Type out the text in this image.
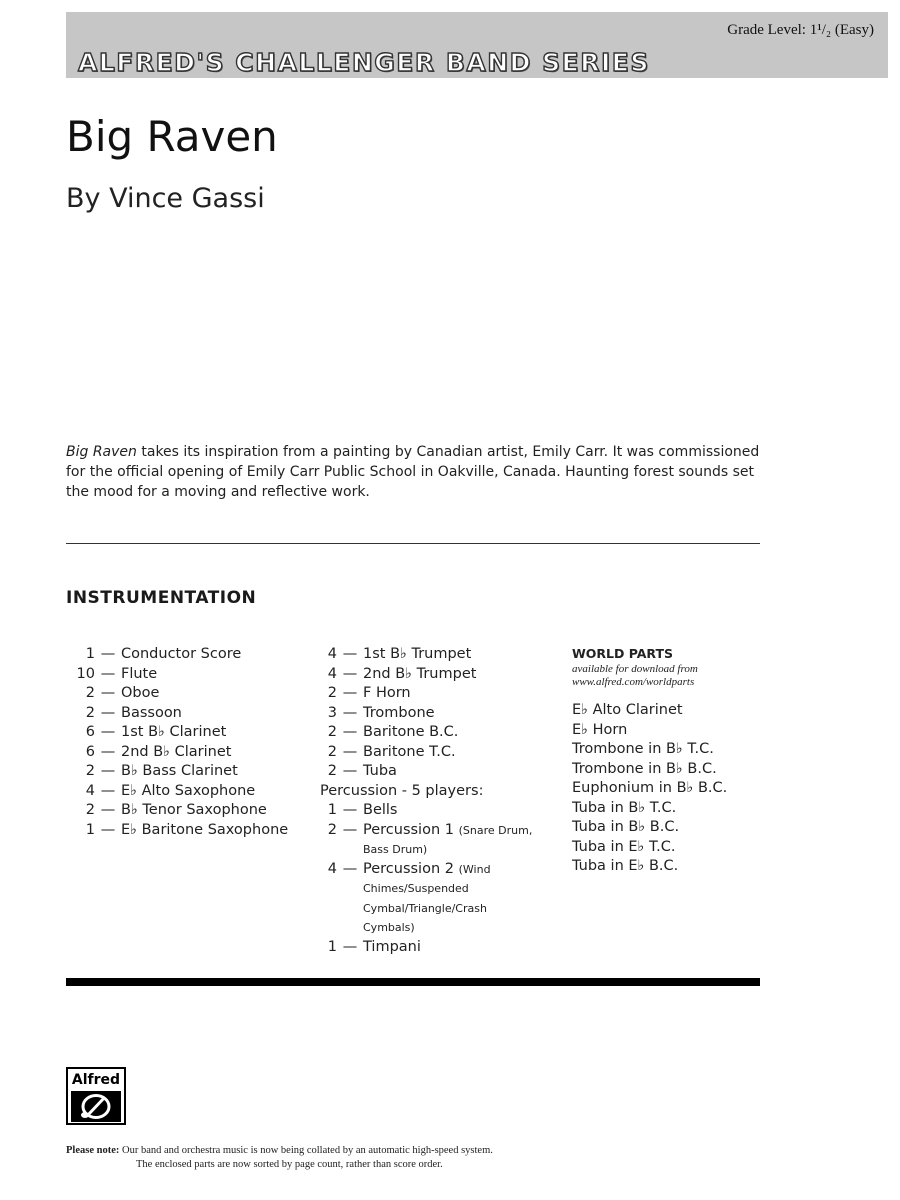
Grade Level: 1¹/₂ (Easy)
ALFRED'S CHALLENGER BAND SERIES
Big Raven
By Vince Gassi
Big Raven takes its inspiration from a painting by Canadian artist, Emily Carr. It was commissioned for the official opening of Emily Carr Public School in Oakville, Canada. Haunting forest sounds set the mood for a moving and reflective work.
INSTRUMENTATION
1 — Conductor Score
10 — Flute
2 — Oboe
2 — Bassoon
6 — 1st B♭ Clarinet
6 — 2nd B♭ Clarinet
2 — B♭ Bass Clarinet
4 — E♭ Alto Saxophone
2 — B♭ Tenor Saxophone
1 — E♭ Baritone Saxophone
4 — 1st B♭ Trumpet
4 — 2nd B♭ Trumpet
2 — F Horn
3 — Trombone
2 — Baritone B.C.
2 — Baritone T.C.
2 — Tuba
Percussion - 5 players:
1 — Bells
2 — Percussion 1 (Snare Drum,
Bass Drum)
4 — Percussion 2 (Wind
Chimes/Suspended
Cymbal/Triangle/Crash
Cymbals)
1 — Timpani
WORLD PARTS
available for download from
www.alfred.com/worldparts
E♭ Alto Clarinet
E♭ Horn
Trombone in B♭ T.C.
Trombone in B♭ B.C.
Euphonium in B♭ B.C.
Tuba in B♭ T.C.
Tuba in B♭ B.C.
Tuba in E♭ T.C.
Tuba in E♭ B.C.
Alfred
Please note: Our band and orchestra music is now being collated by an automatic high-speed system.
The enclosed parts are now sorted by page count, rather than score order.
